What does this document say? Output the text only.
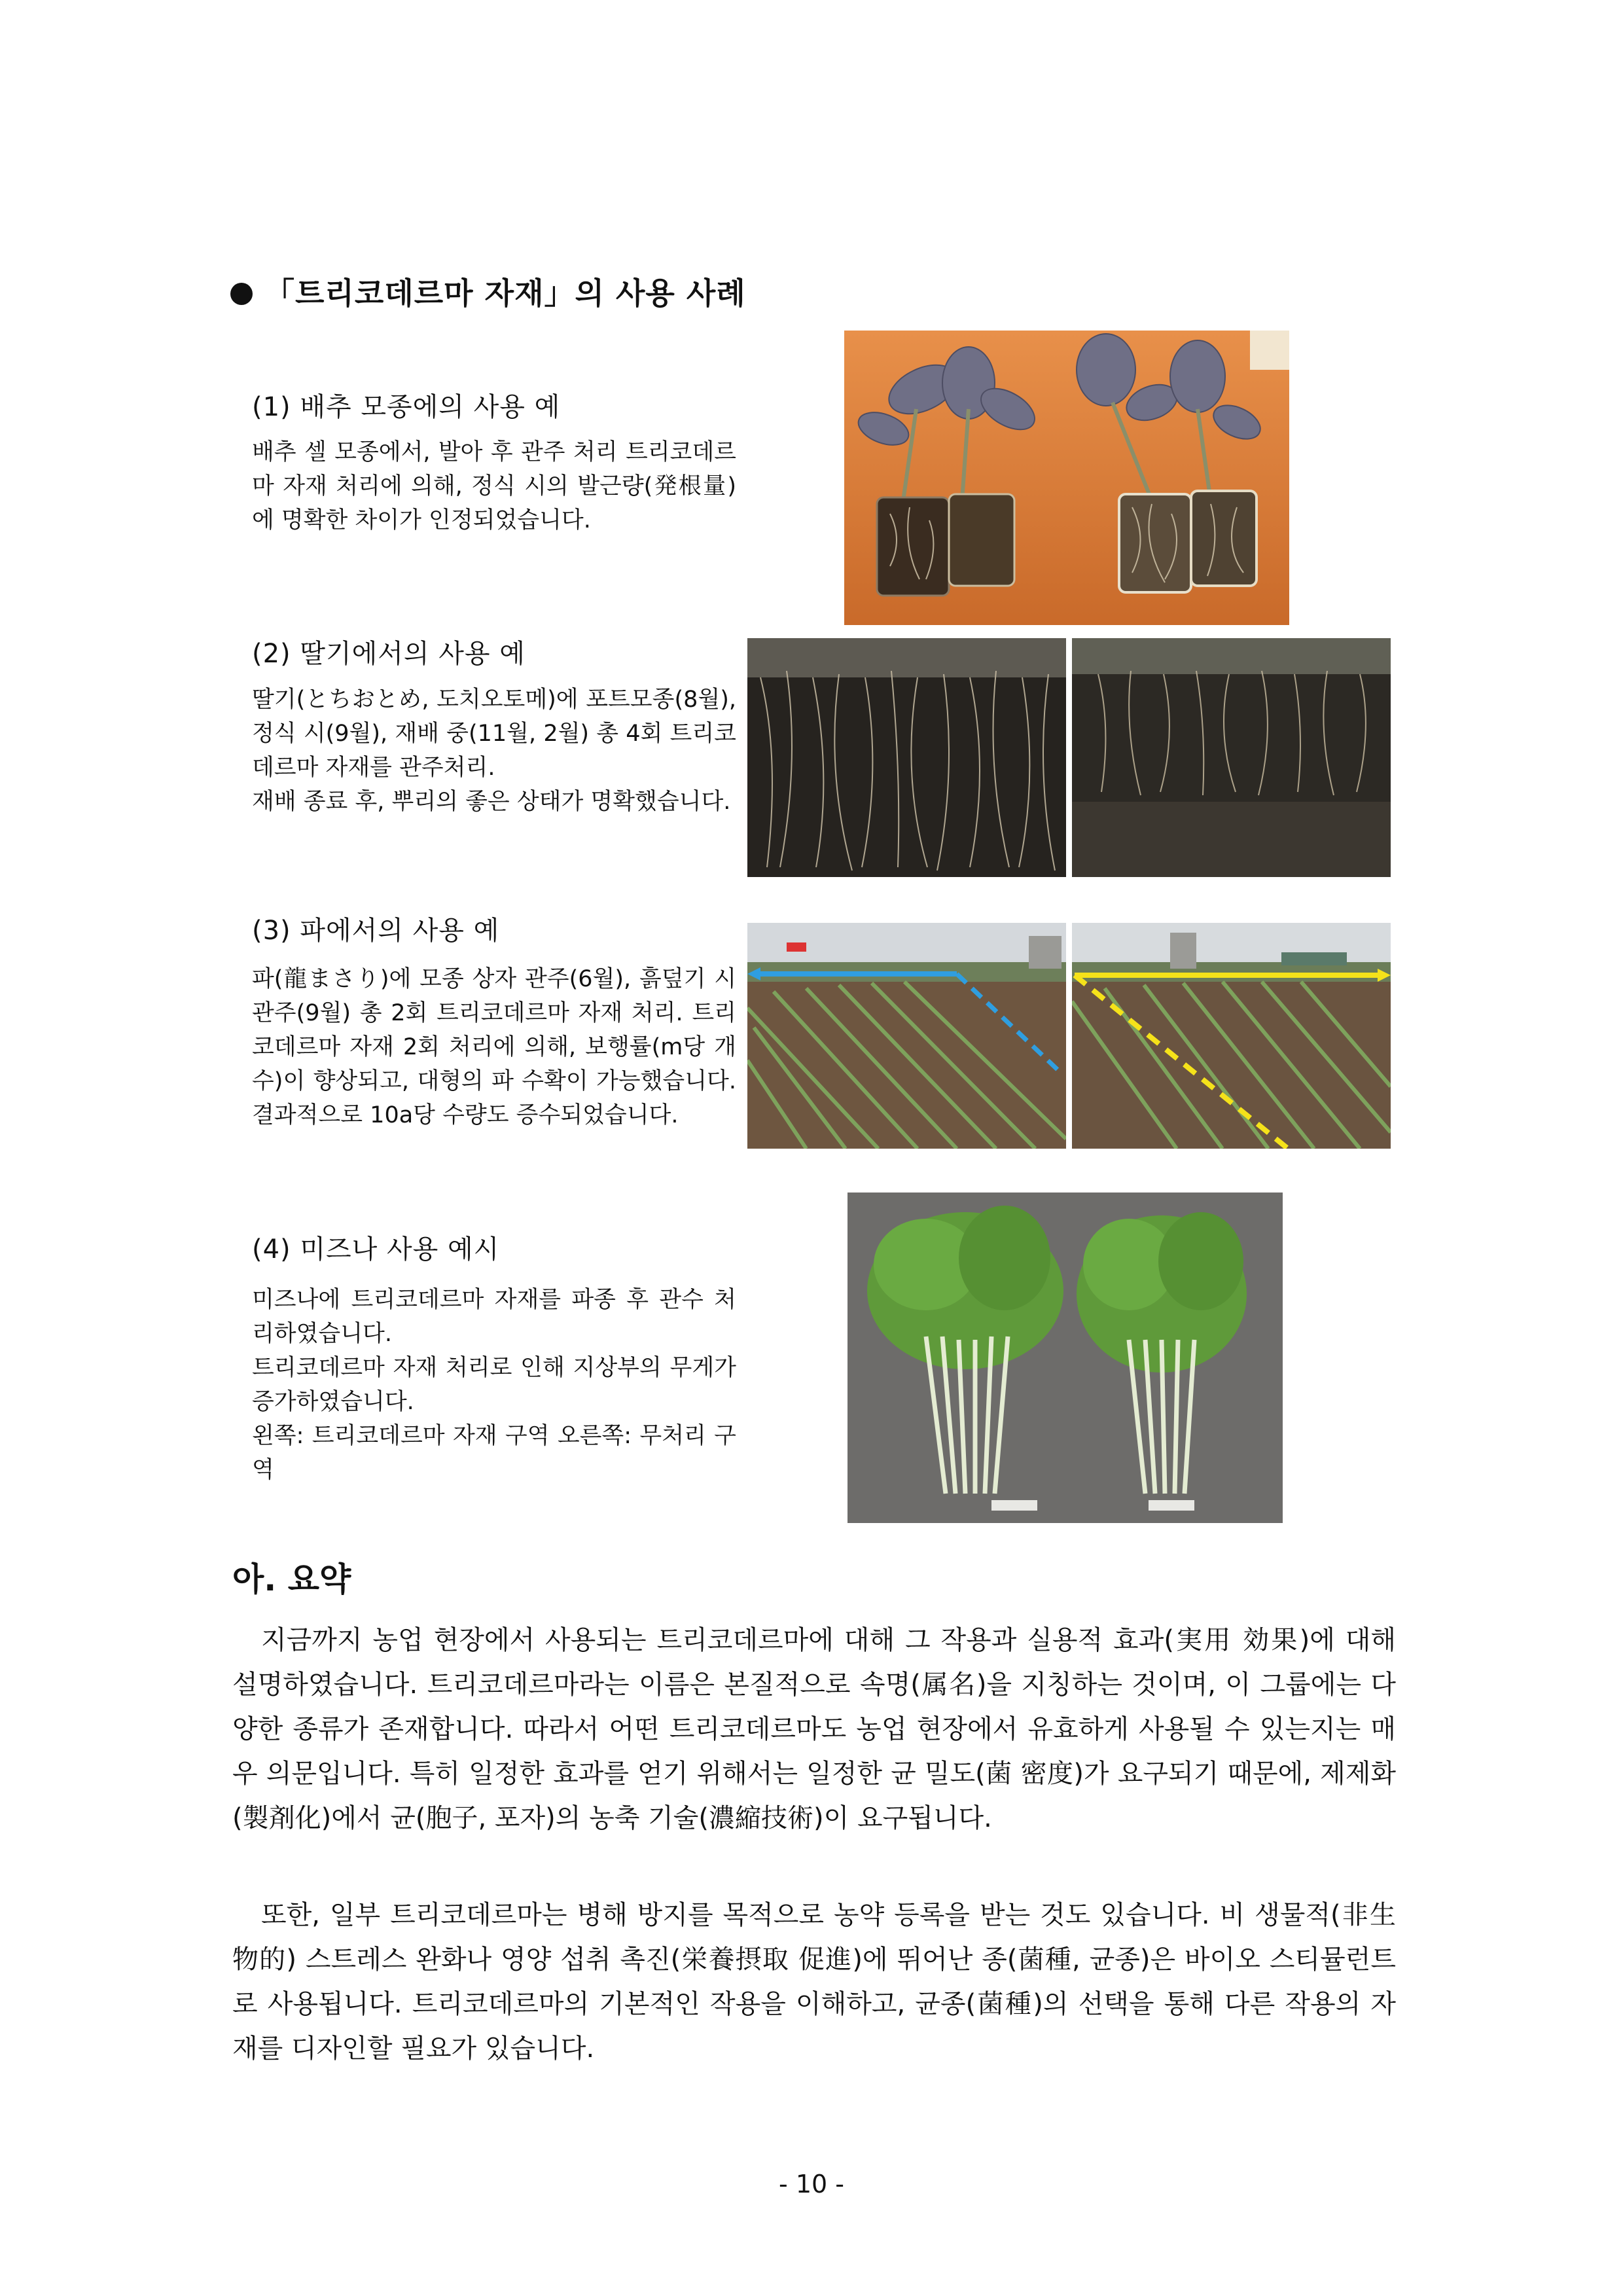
「트리코데르마 자재」의 사용 사례
(1) 배추 모종에의 사용 예
배추 셀 모종에서, 발아 후 관주 처리 트리코데르마 자재 처리에 의해, 정식 시의 발근량(発根量)에 명확한 차이가 인정되었습니다.
(2) 딸기에서의 사용 예
딸기(とちおとめ, 도치오토메)에 포트모종(8월), 정식 시(9월), 재배 중(11월, 2월) 총 4회 트리코데르마 자재를 관주처리.
재배 종료 후, 뿌리의 좋은 상태가 명확했습니다.
(3) 파에서의 사용 예
파(龍まさり)에 모종 상자 관주(6월), 흙덮기 시 관주(9월) 총 2회 트리코데르마 자재 처리. 트리코데르마 자재 2회 처리에 의해, 보행률(m당 개수)이 향상되고, 대형의 파 수확이 가능했습니다. 결과적으로 10a당 수량도 증수되었습니다.
(4) 미즈나 사용 예시
미즈나에 트리코데르마 자재를 파종 후 관수 처리하였습니다.
트리코데르마 자재 처리로 인해 지상부의 무게가 증가하였습니다.
왼쪽: 트리코데르마 자재 구역 오른쪽: 무처리 구역
아. 요약
지금까지 농업 현장에서 사용되는 트리코데르마에 대해 그 작용과 실용적 효과(実用 効果)에 대해 설명하였습니다. 트리코데르마라는 이름은 본질적으로 속명(属名)을 지칭하는 것이며, 이 그룹에는 다양한 종류가 존재합니다. 따라서 어떤 트리코데르마도 농업 현장에서 유효하게 사용될 수 있는지는 매우 의문입니다. 특히 일정한 효과를 얻기 위해서는 일정한 균 밀도(菌 密度)가 요구되기 때문에, 제제화(製剤化)에서 균(胞子, 포자)의 농축 기술(濃縮技術)이 요구됩니다.
또한, 일부 트리코데르마는 병해 방지를 목적으로 농약 등록을 받는 것도 있습니다. 비 생물적(非生物的) 스트레스 완화나 영양 섭취 촉진(栄養摂取 促進)에 뛰어난 종(菌種, 균종)은 바이오 스티뮬런트로 사용됩니다. 트리코데르마의 기본적인 작용을 이해하고, 균종(菌種)의 선택을 통해 다른 작용의 자재를 디자인할 필요가 있습니다.
- 10 -
